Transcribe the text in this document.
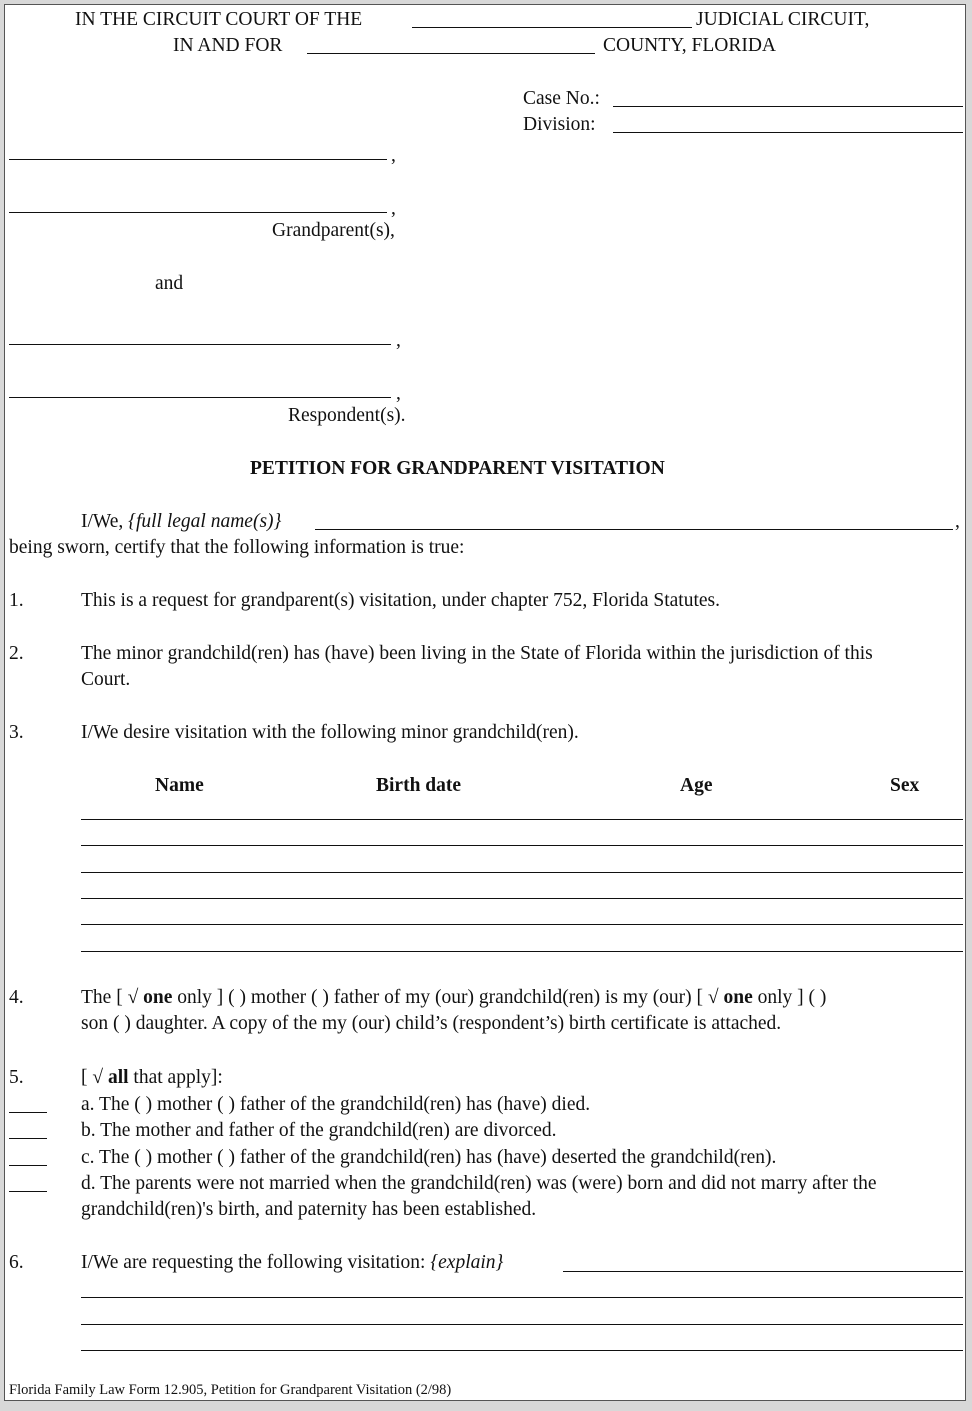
IN THE CIRCUIT COURT OF THE	JUDICIAL CIRCUIT,
IN AND FOR	COUNTY, FLORIDA
Case No.:
Division:
,
,
Grandparent(s),
and
,
,
Respondent(s).
PETITION FOR GRANDPARENT VISITATION
I/We, {full legal name(s)}	,
being sworn, certify that the following information is true:
1.	This is a request for grandparent(s) visitation, under chapter 752, Florida Statutes.
2.	The minor grandchild(ren) has (have) been living in the State of Florida within the jurisdiction of this
Court.
3.	I/We desire visitation with the following minor grandchild(ren).
Name	Birth date	Age	Sex
4.	The [ √ one only ] ( ) mother ( ) father of my (our) grandchild(ren) is my (our) [ √ one only ] ( )
son ( ) daughter. A copy of the my (our) child’s (respondent’s) birth certificate is attached.
5.	[ √ all that apply]:
a. The ( ) mother ( ) father of the grandchild(ren) has (have) died.
b. The mother and father of the grandchild(ren) are divorced.
c. The ( ) mother ( ) father of the grandchild(ren) has (have) deserted the grandchild(ren).
d. The parents were not married when the grandchild(ren) was (were) born and did not marry after the
grandchild(ren)'s birth, and paternity has been established.
6.	I/We are requesting the following visitation: {explain}
Florida Family Law Form 12.905, Petition for Grandparent Visitation (2/98)
